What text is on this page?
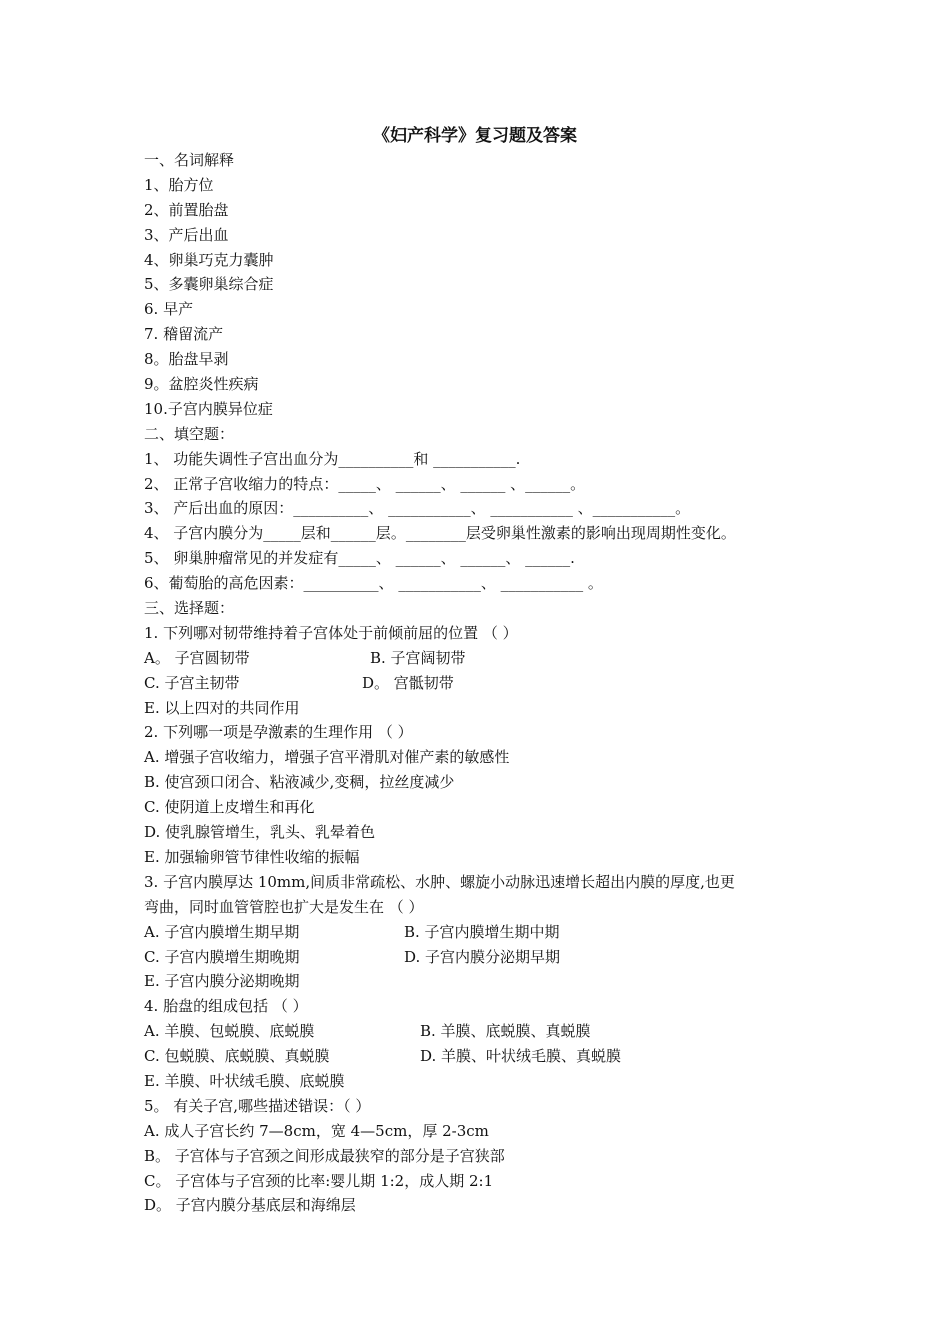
《妇产科学》复习题及答案
一、名词解释
1、胎方位
2、前置胎盘
3、产后出血
4、卵巢巧克力囊肿
5、多囊卵巢综合症
6. 早产
7. 稽留流产
8。胎盘早剥
9。盆腔炎性疾病
10.子宫内膜异位症
二、填空题：
1、 功能失调性子宫出血分为__________和 ___________.
2、 正常子宫收缩力的特点：_____、 ______、 ______ 、______。
3、 产后出血的原因：__________、 ___________、 ___________ 、___________。
4、 子宫内膜分为_____层和______层。________层受卵巢性激素的影响出现周期性变化。
5、 卵巢肿瘤常见的并发症有_____、 ______、 ______、 ______.
6、葡萄胎的高危因素：__________、 ___________、 ___________ 。
三、选择题：
1. 下列哪对韧带维持着子宫体处于前倾前屈的位置 （ ）
A。 子宫圆韧带	B. 子宫阔韧带
C. 子宫主韧带	D。 宫骶韧带
E. 以上四对的共同作用
2. 下列哪一项是孕激素的生理作用 （ ）
A. 增强子宫收缩力，增强子宫平滑肌对催产素的敏感性
B. 使宫颈口闭合、粘液减少,变稠，拉丝度减少
C. 使阴道上皮增生和再化
D. 使乳腺管增生，乳头、乳晕着色
E. 加强输卵管节律性收缩的振幅
3. 子宫内膜厚达 10mm,间质非常疏松、水肿、螺旋小动脉迅速增长超出内膜的厚度,也更
弯曲，同时血管管腔也扩大是发生在 （ ）
A. 子宫内膜增生期早期	B. 子宫内膜增生期中期
C. 子宫内膜增生期晚期	D. 子宫内膜分泌期早期
E. 子宫内膜分泌期晚期
4. 胎盘的组成包括 （ ）
A. 羊膜、包蜕膜、底蜕膜	B. 羊膜、底蜕膜、真蜕膜
C. 包蜕膜、底蜕膜、真蜕膜	D. 羊膜、叶状绒毛膜、真蜕膜
E. 羊膜、叶状绒毛膜、底蜕膜
5。 有关子宫,哪些描述错误：（ ）
A. 成人子宫长约 7—8cm，宽 4—5cm，厚 2-3cm
B。 子宫体与子宫颈之间形成最狭窄的部分是子宫狭部
C。 子宫体与子宫颈的比率:婴儿期 1:2，成人期 2:1
D。 子宫内膜分基底层和海绵层
